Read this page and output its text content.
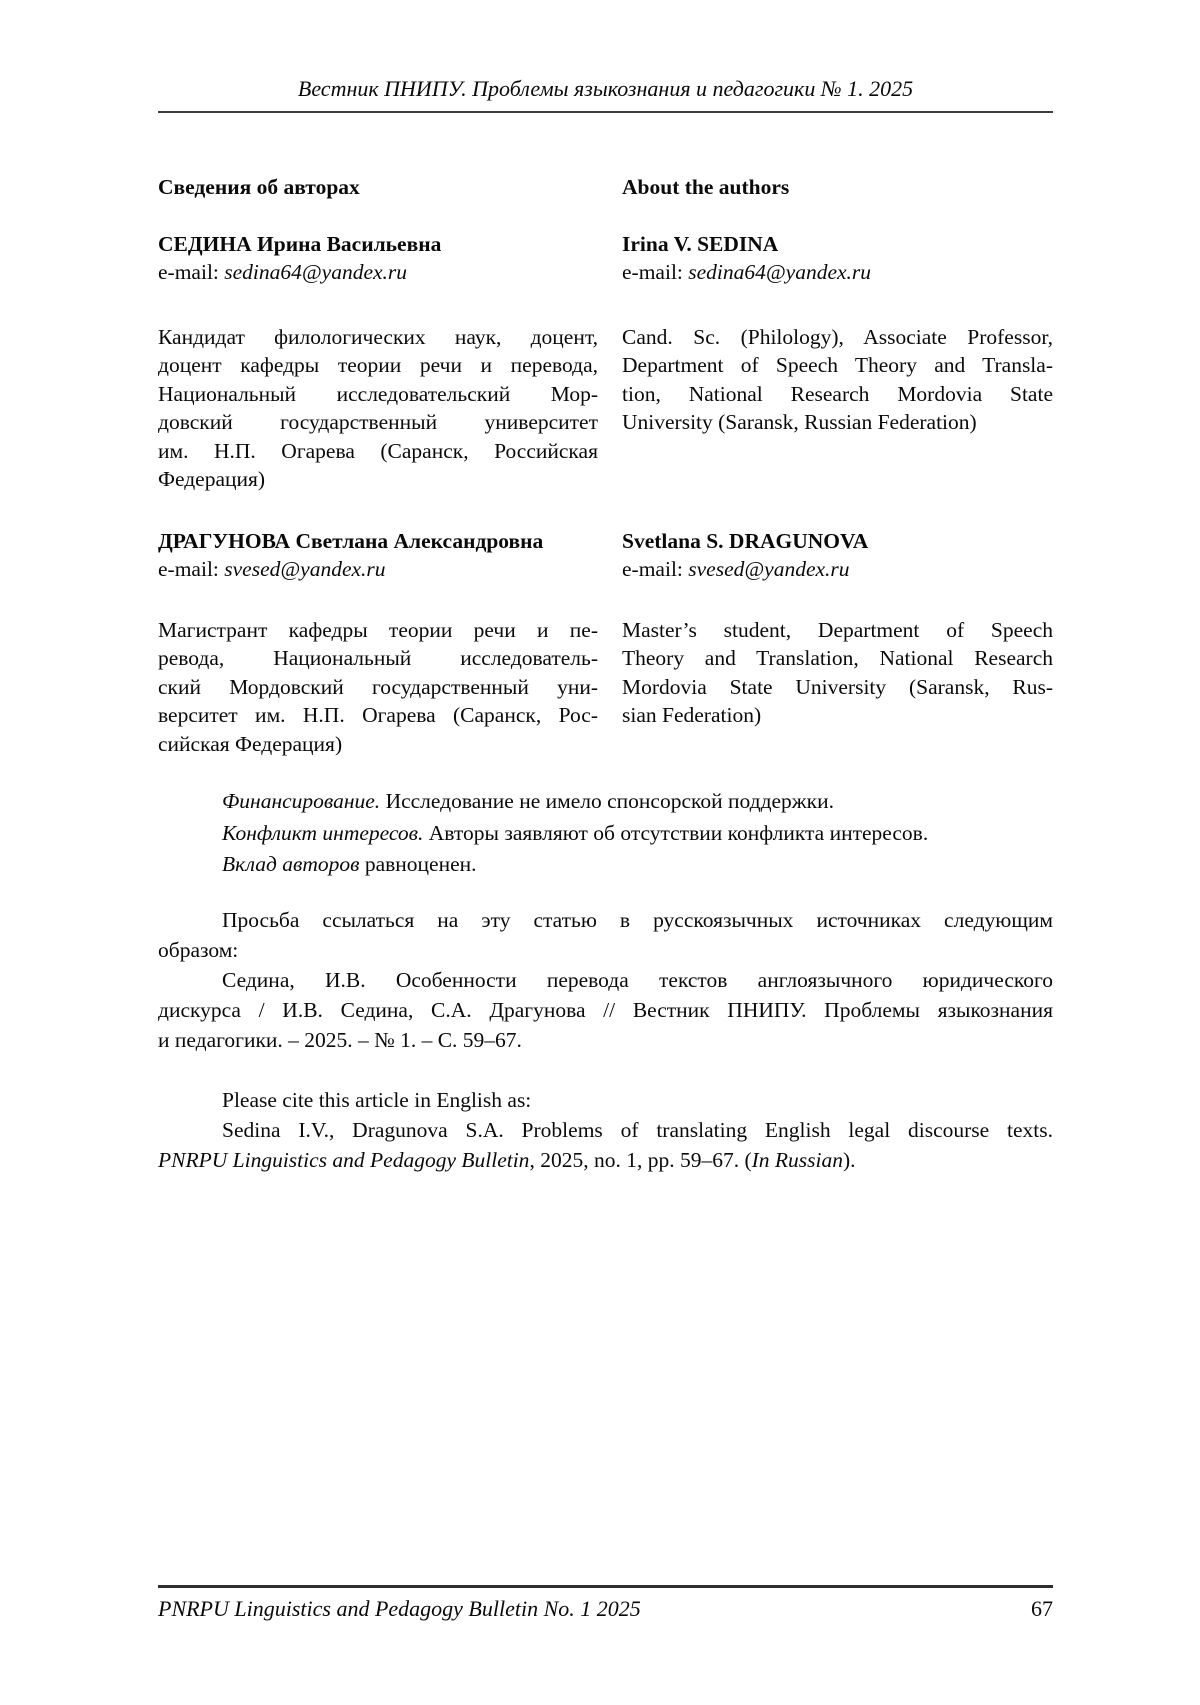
Вестник ПНИПУ. Проблемы языкознания и педагогики № 1. 2025
Сведения об авторах	About the authors
СЕДИНА Ирина Васильевна
e-mail: sedina64@yandex.ru
Irina V. SEDINA
e-mail: sedina64@yandex.ru
Кандидат филологических наук, доцент,
доцент кафедры теории речи и перевода,
Национальный исследовательский Мор-
довский государственный университет
им. Н.П. Огарева (Саранск, Российская
Федерация)
Cand. Sc. (Philology), Associate Professor,
Department of Speech Theory and Transla-
tion, National Research Mordovia State
University (Saransk, Russian Federation)
ДРАГУНОВА Светлана Александровна
e-mail: svesed@yandex.ru
Svetlana S. DRAGUNOVA
e-mail: svesed@yandex.ru
Магистрант кафедры теории речи и пе-
ревода, Национальный исследователь-
ский Мордовский государственный уни-
верситет им. Н.П. Огарева (Саранск, Рос-
сийская Федерация)
Master’s student, Department of Speech
Theory and Translation, National Research
Mordovia State University (Saransk, Rus-
sian Federation)
Финансирование. Исследование не имело спонсорской поддержки.
Конфликт интересов. Авторы заявляют об отсутствии конфликта интересов.
Вклад авторов равноценен.
Просьба ссылаться на эту статью в русскоязычных источниках следующим
образом:
Седина, И.В. Особенности перевода текстов англоязычного юридического
дискурса / И.В. Седина, С.А. Драгунова // Вестник ПНИПУ. Проблемы языкознания
и педагогики. – 2025. – № 1. – С. 59–67.
Please cite this article in English as:
Sedina I.V., Dragunova S.A. Problems of translating English legal discourse texts.
PNRPU Linguistics and Pedagogy Bulletin, 2025, no. 1, pp. 59–67. (In Russian).
PNRPU Linguistics and Pedagogy Bulletin No. 1 2025	67
